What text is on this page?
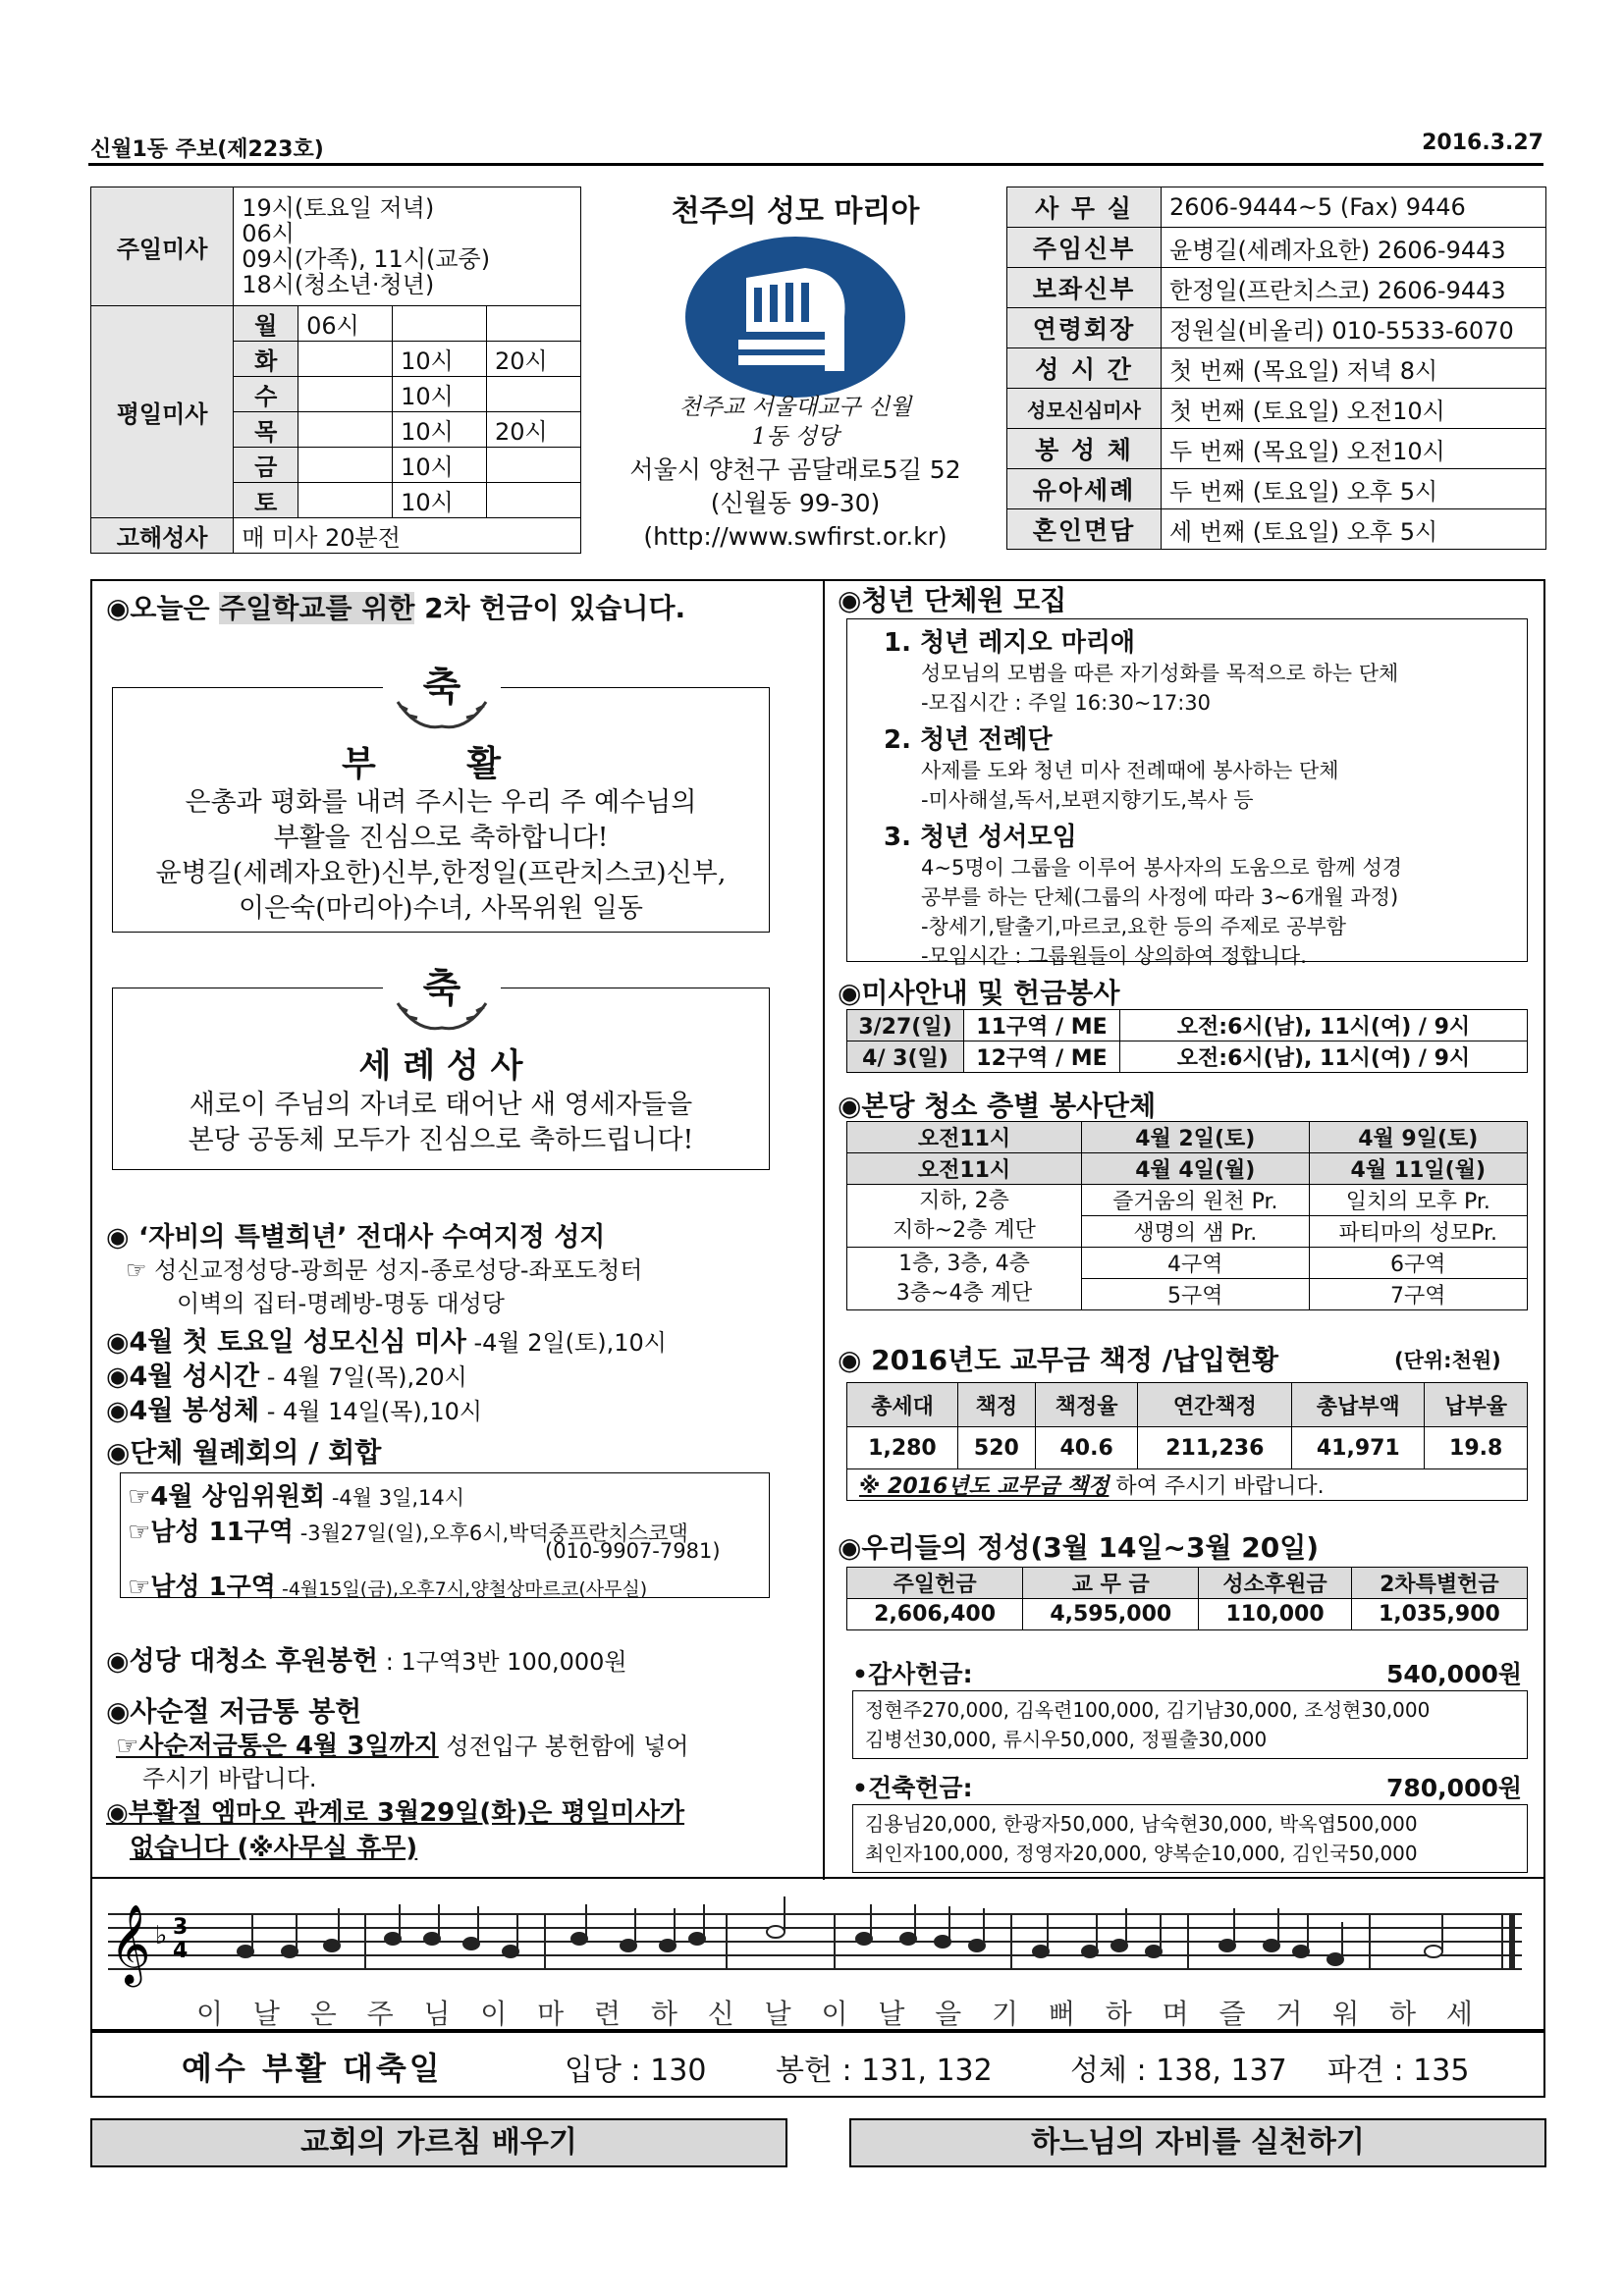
신월1동 주보(제223호)	2016.3.27
주일미사	19시(토요일 저녁)
06시
09시(가족), 11시(교중)
18시(청소년·청년)			

평일미사	월	06시		
	화		10시	20시
	수		10시	
	목		10시	20시
	금		10시	
	토		10시	
고해성사	매 미사 20분전			
천주의 성모 마리아
천주교 서울대교구 신월1동 성당
서울시 양천구 곰달래로5길 52
(신월동 99-30)
(http://www.swfirst.or.kr)
사 무 실	2606-9444~5 (Fax) 9446
주임신부	윤병길(세례자요한) 2606-9443
보좌신부	한정일(프란치스코) 2606-9443
연령회장	정원실(비올리) 010-5533-6070
성 시 간	첫 번째 (목요일) 저녁 8시
성모신심미사	첫 번째 (토요일) 오전10시
봉 성 체	두 번째 (목요일) 오전10시
유아세례	두 번째 (토요일) 오후 5시
혼인면담	세 번째 (토요일) 오후 5시
◉오늘은 주일학교를 위한 2차 헌금이 있습니다.
축
부 활
은총과 평화를 내려 주시는 우리 주 예수님의
부활을 진심으로 축하합니다!
윤병길(세례자요한)신부,한정일(프란치스코)신부,
이은숙(마리아)수녀, 사목위원 일동
축
세 례 성 사
새로이 주님의 자녀로 태어난 새 영세자들을
본당 공동체 모두가 진심으로 축하드립니다!
◉ ‘자비의 특별희년’ 전대사 수여지정 성지
☞ 성신교정성당-광희문 성지-종로성당-좌포도청터
이벽의 집터-명례방-명동 대성당
◉4월 첫 토요일 성모신심 미사 -4월 2일(토),10시
◉4월 성시간 - 4월 7일(목),20시
◉4월 봉성체 - 4월 14일(목),10시
◉단체 월례회의 / 회합
☞4월 상임위원회 -4월 3일,14시
☞남성 11구역 -3월27일(일),오후6시,박덕중프란치스코댁
(010-9907-7981)
☞남성 1구역 -4월15일(금),오후7시,양철상마르코(사무실)
◉성당 대청소 후원봉헌 : 1구역3반 100,000원
◉사순절 저금통 봉헌
☞사순저금통은 4월 3일까지 성전입구 봉헌함에 넣어
주시기 바랍니다.
◉부활절 엠마오 관계로 3월29일(화)은 평일미사가
없습니다 (※사무실 휴무)
◉청년 단체원 모집
1. 청년 레지오 마리애
성모님의 모범을 따른 자기성화를 목적으로 하는 단체
-모집시간 : 주일 16:30~17:30
2. 청년 전례단
사제를 도와 청년 미사 전례때에 봉사하는 단체
-미사해설,독서,보편지향기도,복사 등
3. 청년 성서모임
4~5명이 그룹을 이루어 봉사자의 도움으로 함께 성경
공부를 하는 단체(그룹의 사정에 따라 3~6개월 과정)
-창세기,탈출기,마르코,요한 등의 주제로 공부함
-모임시간 : 그룹원들이 상의하여 정합니다.
◉미사안내 및 헌금봉사
3/27(일)	11구역 / ME	오전:6시(남), 11시(여) / 9시
4/ 3(일)	12구역 / ME	오전:6시(남), 11시(여) / 9시
◉본당 청소 층별 봉사단체
오전11시	4월 2일(토)	4월 9일(토)
오전11시	4월 4일(월)	4월 11일(월)
지하, 2층
지하~2층 계단	즐거움의 원천 Pr.	일치의 모후 Pr.
	생명의 샘 Pr.	파티마의 성모Pr.
1층, 3층, 4층
3층~4층 계단	4구역	6구역
	5구역	7구역
◉ 2016년도 교무금 책정 /납입현황	(단위:천원)
총세대	책정	책정율	연간책정	총납부액	납부율
1,280	520	40.6	211,236	41,971	19.8
※ 2016년도 교무금 책정 하여 주시기 바랍니다.					
◉우리들의 정성(3월 14일~3월 20일)
주일헌금	교 무 금	성소후원금	2차특별헌금
2,606,400	4,595,000	110,000	1,035,900
•감사헌금:	540,000원
정현주270,000, 김옥련100,000, 김기남30,000, 조성현30,000
김병선30,000, 류시우50,000, 정필출30,000
•건축헌금:	780,000원
김용님20,000, 한광자50,000, 남숙현30,000, 박옥엽500,000
최인자100,000, 정영자20,000, 양복순10,000, 김인국50,000
𝄞 ♭ 3
4
이 날 은 주 님 이 마 련 하 신 날 이 날 을 기 뻐 하 며 즐 거 워 하 세
예수 부활 대축일	입당 : 130 봉헌 : 131, 132	성체 : 138, 137 파견 : 135
교회의 가르침 배우기	하느님의 자비를 실천하기
